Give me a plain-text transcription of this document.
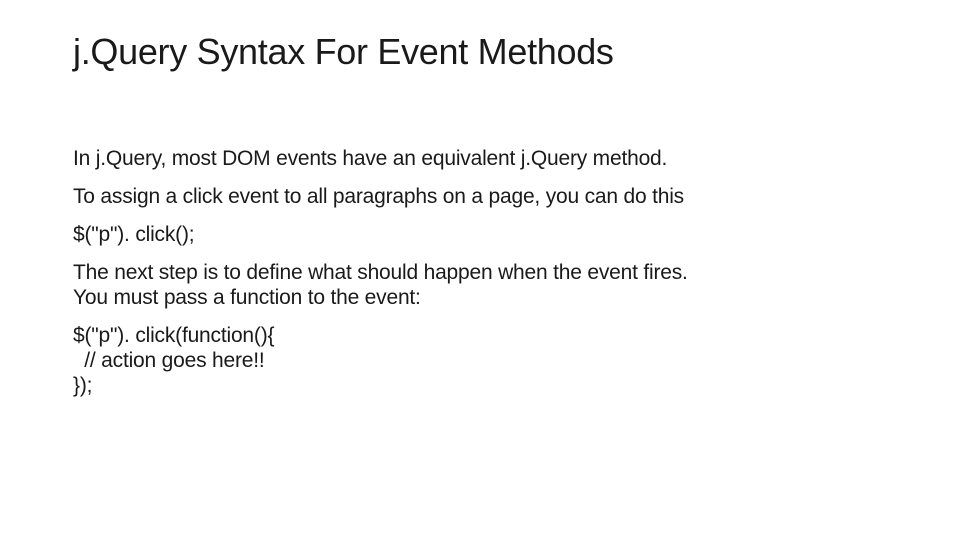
j.Query Syntax For Event Methods

In j.Query, most DOM events have an equivalent j.Query method.

To assign a click event to all paragraphs on a page, you can do this

$("p"). click();

The next step is to define what should happen when the event fires.

You must pass a function to the event:

$("p"). click(function(){

// action goes here!!

});
